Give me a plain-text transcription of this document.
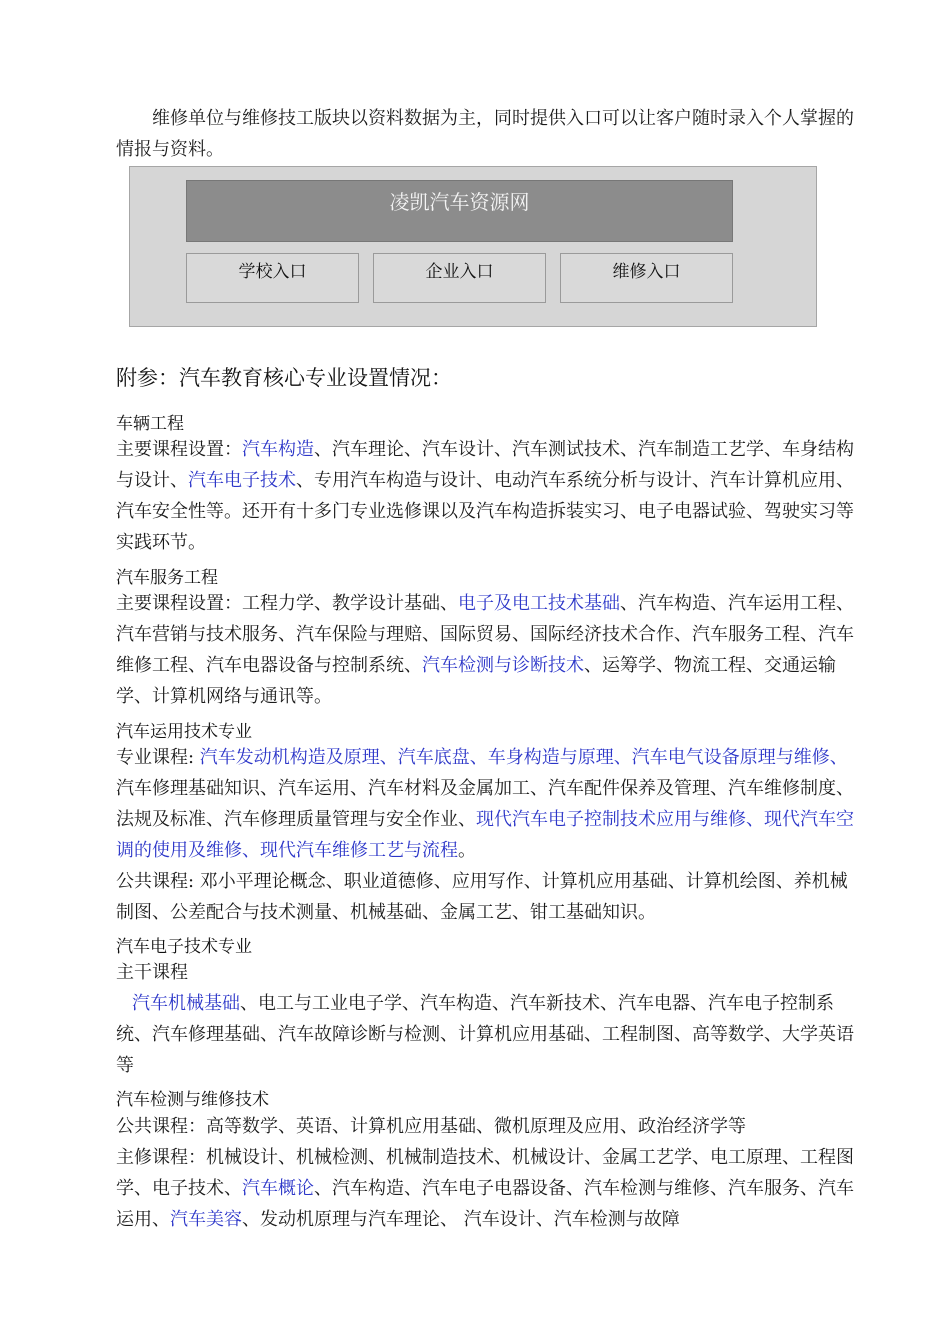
维修单位与维修技工版块以资料数据为主，同时提供入口可以让客户随时录入个人掌握的情报与资料。

凌凯汽车资源网
学校入口	企业入口	维修入口
附参：汽车教育核心专业设置情况：
车辆工程

主要课程设置：汽车构造、汽车理论、汽车设计、汽车测试技术、汽车制造工艺学、车身结构与设计、汽车电子技术、专用汽车构造与设计、电动汽车系统分析与设计、汽车计算机应用、汽车安全性等。还开有十多门专业选修课以及汽车构造拆装实习、电子电器试验、驾驶实习等实践环节。

汽车服务工程

主要课程设置：工程力学、教学设计基础、电子及电工技术基础、汽车构造、汽车运用工程、汽车营销与技术服务、汽车保险与理赔、国际贸易、国际经济技术合作、汽车服务工程、汽车维修工程、汽车电器设备与控制系统、汽车检测与诊断技术、运筹学、物流工程、交通运输学、计算机网络与通讯等。

汽车运用技术专业

专业课程: 汽车发动机构造及原理、汽车底盘、车身构造与原理、汽车电气设备原理与维修、汽车修理基础知识、汽车运用、汽车材料及金属加工、汽车配件保养及管理、汽车维修制度、法规及标准、汽车修理质量管理与安全作业、现代汽车电子控制技术应用与维修、现代汽车空调的使用及维修、现代汽车维修工艺与流程。

公共课程: 邓小平理论概念、职业道德修、应用写作、计算机应用基础、计算机绘图、养机械制图、公差配合与技术测量、机械基础、金属工艺、钳工基础知识。

汽车电子技术专业

主干课程

汽车机械基础、电工与工业电子学、汽车构造、汽车新技术、汽车电器、汽车电子控制系统、汽车修理基础、汽车故障诊断与检测、计算机应用基础、工程制图、高等数学、大学英语等

汽车检测与维修技术

公共课程：高等数学、英语、计算机应用基础、微机原理及应用、政治经济学等

主修课程：机械设计、机械检测、机械制造技术、机械设计、金属工艺学、电工原理、工程图学、电子技术、汽车概论、汽车构造、汽车电子电器设备、汽车检测与维修、汽车服务、汽车运用、汽车美容、发动机原理与汽车理论、 汽车设计、汽车检测与故障
